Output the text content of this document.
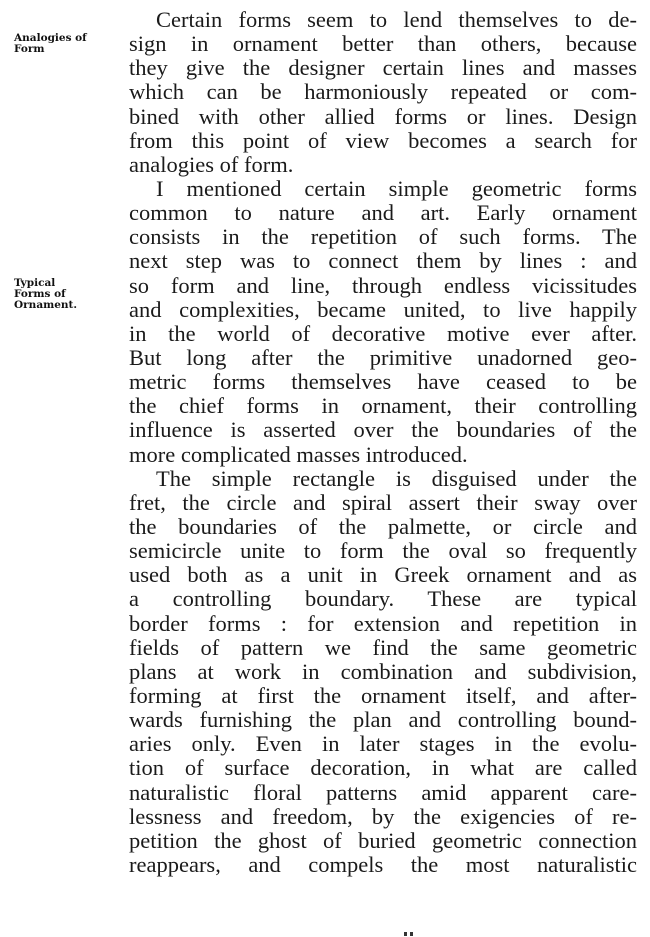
Analogies of
Form
Typical
Forms of
Ornament.
Certain forms seem to lend themselves to de-
sign in ornament better than others, because
they give the designer certain lines and masses
which can be harmoniously repeated or com-
bined with other allied forms or lines. Design
from this point of view becomes a search for
analogies of form.
I mentioned certain simple geometric forms
common to nature and art. Early ornament
consists in the repetition of such forms. The
next step was to connect them by lines : and
so form and line, through endless vicissitudes
and complexities, became united, to live happily
in the world of decorative motive ever after.
But long after the primitive unadorned geo-
metric forms themselves have ceased to be
the chief forms in ornament, their controlling
influence is asserted over the boundaries of the
more complicated masses introduced.
The simple rectangle is disguised under the
fret, the circle and spiral assert their sway over
the boundaries of the palmette, or circle and
semicircle unite to form the oval so frequently
used both as a unit in Greek ornament and as
a controlling boundary. These are typical
border forms : for extension and repetition in
fields of pattern we find the same geometric
plans at work in combination and subdivision,
forming at first the ornament itself, and after-
wards furnishing the plan and controlling bound-
aries only. Even in later stages in the evolu-
tion of surface decoration, in what are called
naturalistic floral patterns amid apparent care-
lessness and freedom, by the exigencies of re-
petition the ghost of buried geometric connection
reappears, and compels the most naturalistic
